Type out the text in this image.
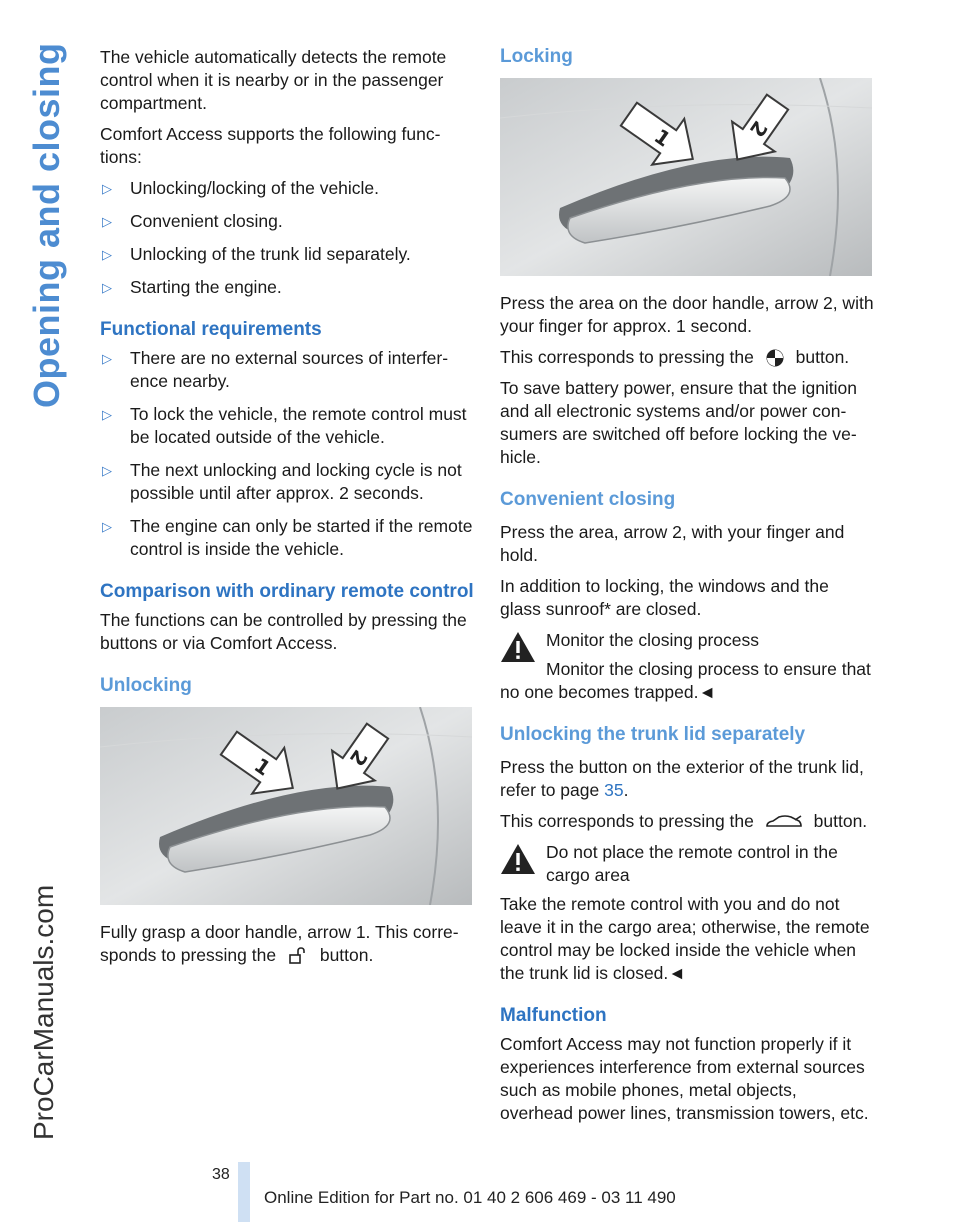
Opening and closing
ProCarManuals.com

The vehicle automatically detects the remote control when it is nearby or in the passenger compartment.

Comfort Access supports the following func- tions:

▷ Unlocking/locking of the vehicle.
▷ Convenient closing.
▷ Unlocking of the trunk lid separately.
▷ Starting the engine.
Functional requirements
▷ There are no external sources of interfer- ence nearby.
▷ To lock the vehicle, the remote control must be located outside of the vehicle.
▷ The next unlocking and locking cycle is not possible until after approx. 2 seconds.
▷ The engine can only be started if the remote control is inside the vehicle.
Comparison with ordinary remote control

The functions can be controlled by pressing the buttons or via Comfort Access.

Unlocking
1	2

Fully grasp a door handle, arrow 1. This corre- sponds to pressing the	button.

Locking
1	2

Press the area on the door handle, arrow 2, with your finger for approx. 1 second.

This corresponds to pressing the button.

To save battery power, ensure that the ignition and all electronic systems and/or power con- sumers are switched off before locking the ve- hicle.

Convenient closing

Press the area, arrow 2, with your finger and hold.

In addition to locking, the windows and the glass sunroof* are closed.

Monitor the closing process

Monitor the closing process to ensure that no one becomes trapped.◄

Unlocking the trunk lid separately

Press the button on the exterior of the trunk lid, refer to page 35.

This corresponds to pressing the	button.

Do not place the remote control in the cargo area

Take the remote control with you and do not leave it in the cargo area; otherwise, the remote control may be locked inside the vehicle when the trunk lid is closed.◄

Malfunction

Comfort Access may not function properly if it experiences interference from external sources such as mobile phones, metal objects, overhead power lines, transmission towers, etc.

38
Online Edition for Part no. 01 40 2 606 469 - 03 11 490
